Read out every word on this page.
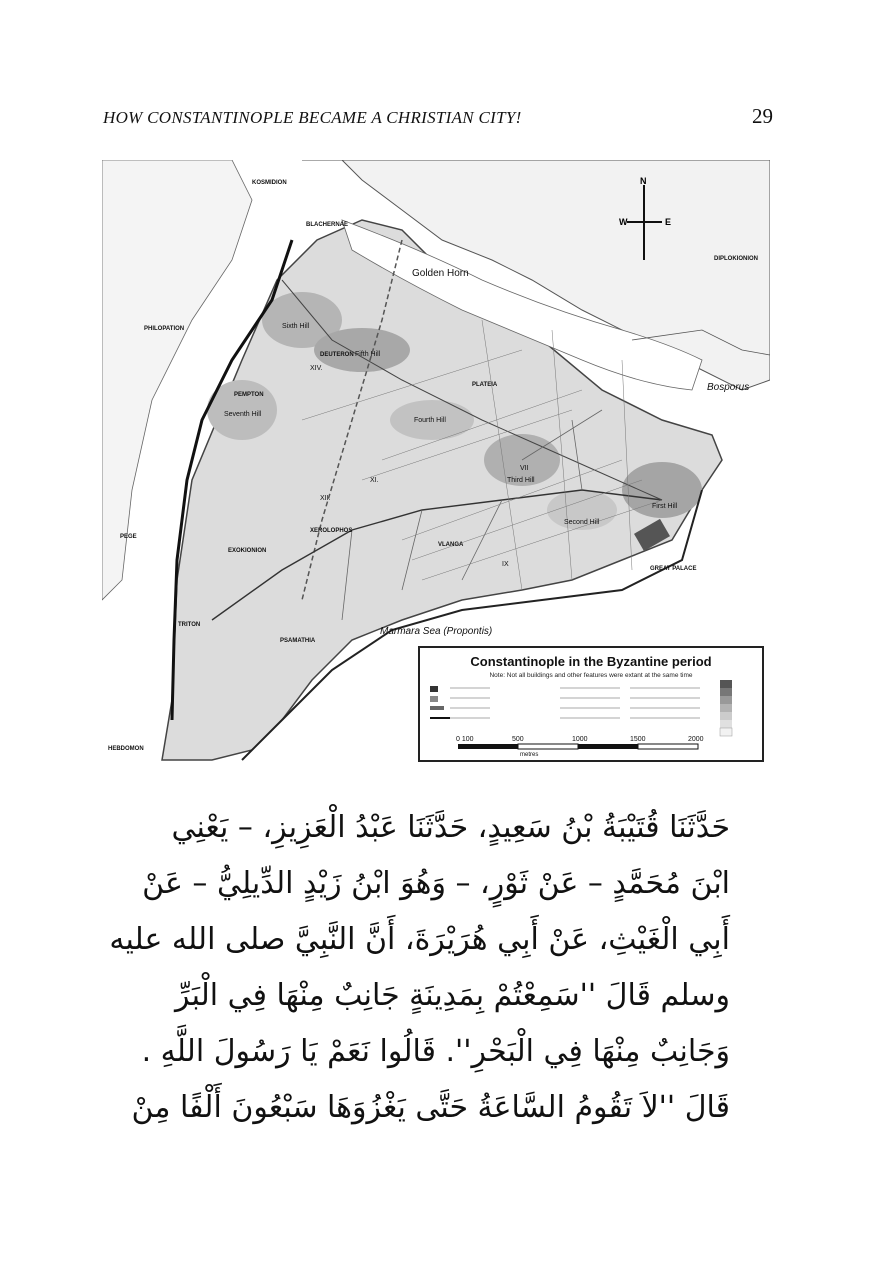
HOW CONSTANTINOPLE BECAME A CHRISTIAN CITY!	29
N
W	E
Golden Horn
Bosporus
Marmara Sea (Propontis)
Sixth Hill
Fifth Hill
Fourth Hill
Third Hill
Second Hill
First Hill
Seventh Hill
XIV.
XI.
XII.
VII
IX
DEUTERON
PEMPTON
TRITON
PSAMATHIA
VLANGA
XEROLOPHOS
EXOKIONION
PHILOPATION
PLATEIA
PEGE
BLACHERNAE
KOSMIDION
DIPLOKIONION
GREAT PALACE
HEBDOMON
Constantinople in the Byzantine period
Note: Not all buildings and other features were extant at the same time
0 100	500	1000	1500	2000
metres
حَدَّثَنَا قُتَيْبَةُ بْنُ سَعِيدٍ، حَدَّثَنَا عَبْدُ الْعَزِيزِ، – يَعْنِي
ابْنَ مُحَمَّدٍ – عَنْ ثَوْرٍ، – وَهُوَ ابْنُ زَيْدٍ الدِّيلِيُّ – عَنْ
أَبِي الْغَيْثِ، عَنْ أَبِي هُرَيْرَةَ، أَنَّ النَّبِيَّ صلى الله عليه
وسلم قَالَ ''سَمِعْتُمْ بِمَدِينَةٍ جَانِبٌ مِنْهَا فِي الْبَرِّ
وَجَانِبٌ مِنْهَا فِي الْبَحْرِ''. قَالُوا نَعَمْ يَا رَسُولَ اللَّهِ .
قَالَ ''لاَ تَقُومُ السَّاعَةُ حَتَّى يَغْزُوَهَا سَبْعُونَ أَلْفًا مِنْ
